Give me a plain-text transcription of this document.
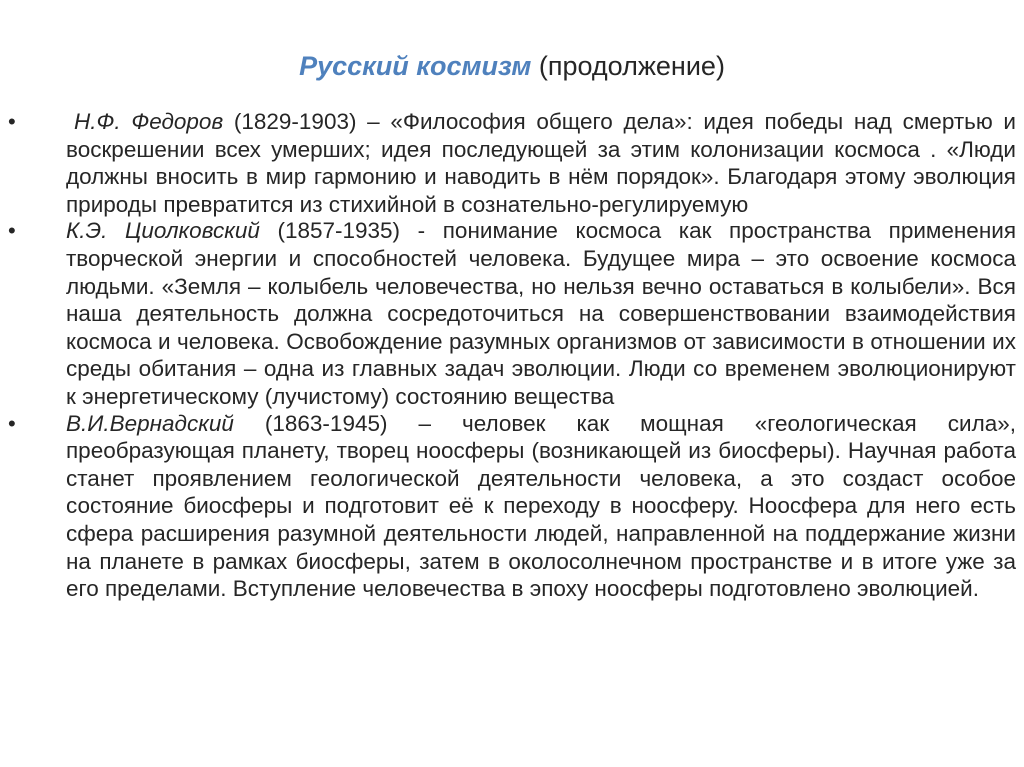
Русский космизм (продолжение)
•	Н.Ф. Федоров (1829-1903) – «Философия общего дела»: идея победы над смертью и воскрешении всех умерших; идея последующей за этим колонизации космоса . «Люди должны вносить в мир гармонию и наводить в нём порядок». Благодаря этому эволюция природы превратится из стихийной в сознательно-регулируемую
•	К.Э. Циолковский (1857-1935) - понимание космоса как пространства применения творческой энергии и способностей человека. Будущее мира – это освоение космоса людьми. «Земля – колыбель человечества, но нельзя вечно оставаться в колыбели». Вся наша деятельность должна сосредоточиться на совершенствовании взаимодействия космоса и человека. Освобождение разумных организмов от зависимости в отношении их среды обитания – одна из главных задач эволюции. Люди со временем эволюционируют к энергетическому (лучистому) состоянию вещества
•	В.И.Вернадский (1863-1945) – человек как мощная «геологическая сила», преобразующая планету, творец ноосферы (возникающей из биосферы). Научная работа станет проявлением геологической деятельности человека, а это создаст особое состояние биосферы и подготовит её к переходу в ноосферу. Ноосфера для него есть сфера расширения разумной деятельности людей, направленной на поддержание жизни на планете в рамках биосферы, затем в околосолнечном пространстве и в итоге уже за его пределами. Вступление человечества в эпоху ноосферы подготовлено эволюцией.
